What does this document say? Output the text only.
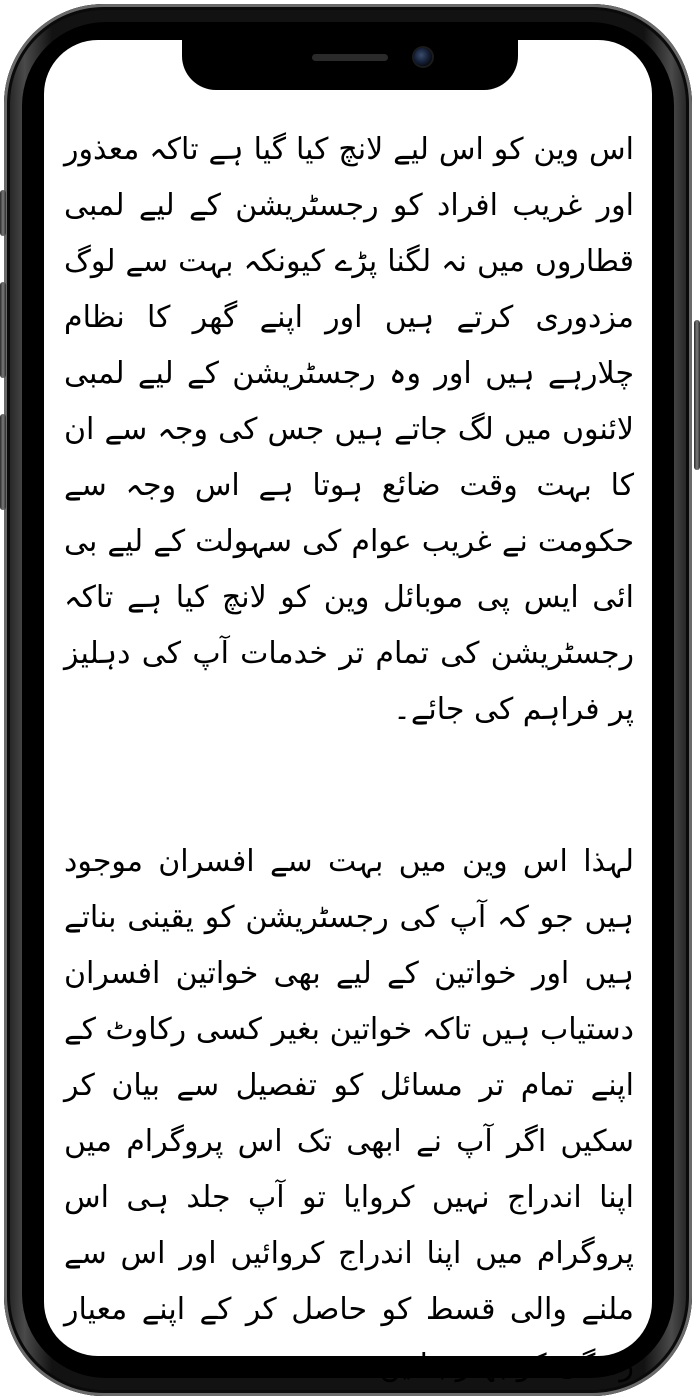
اس وین کو اس لیے لانچ کیا گیا ہے تاکہ معذور اور غریب افراد کو رجسٹریشن کے لیے لمبی قطاروں میں نہ لگنا پڑے کیونکہ بہت سے لوگ مزدوری کرتے ہیں اور اپنے گھر کا نظام چلارہے ہیں اور وہ رجسٹریشن کے لیے لمبی لائنوں میں لگ جاتے ہیں جس کی وجہ سے ان کا بہت وقت ضائع ہوتا ہے اس وجہ سے حکومت نے غریب عوام کی سہولت کے لیے بی ائی ایس پی موبائل وین کو لانچ کیا ہے تاکہ رجسٹریشن کی تمام تر خدمات آپ کی دہلیز پر فراہم کی جائے۔

لہذا اس وین میں بہت سے افسران موجود ہیں جو کہ آپ کی رجسٹریشن کو یقینی بناتے ہیں اور خواتین کے لیے بھی خواتین افسران دستیاب ہیں تاکہ خواتین بغیر کسی رکاوٹ کے اپنے تمام تر مسائل کو تفصیل سے بیان کر سکیں اگر آپ نے ابھی تک اس پروگرام میں اپنا اندراج نہیں کروایا تو آپ جلد ہی اس پروگرام میں اپنا اندراج کروائیں اور اس سے ملنے والی قسط کو حاصل کر کے اپنے معیار زندگی کو بہتر بنائیں
